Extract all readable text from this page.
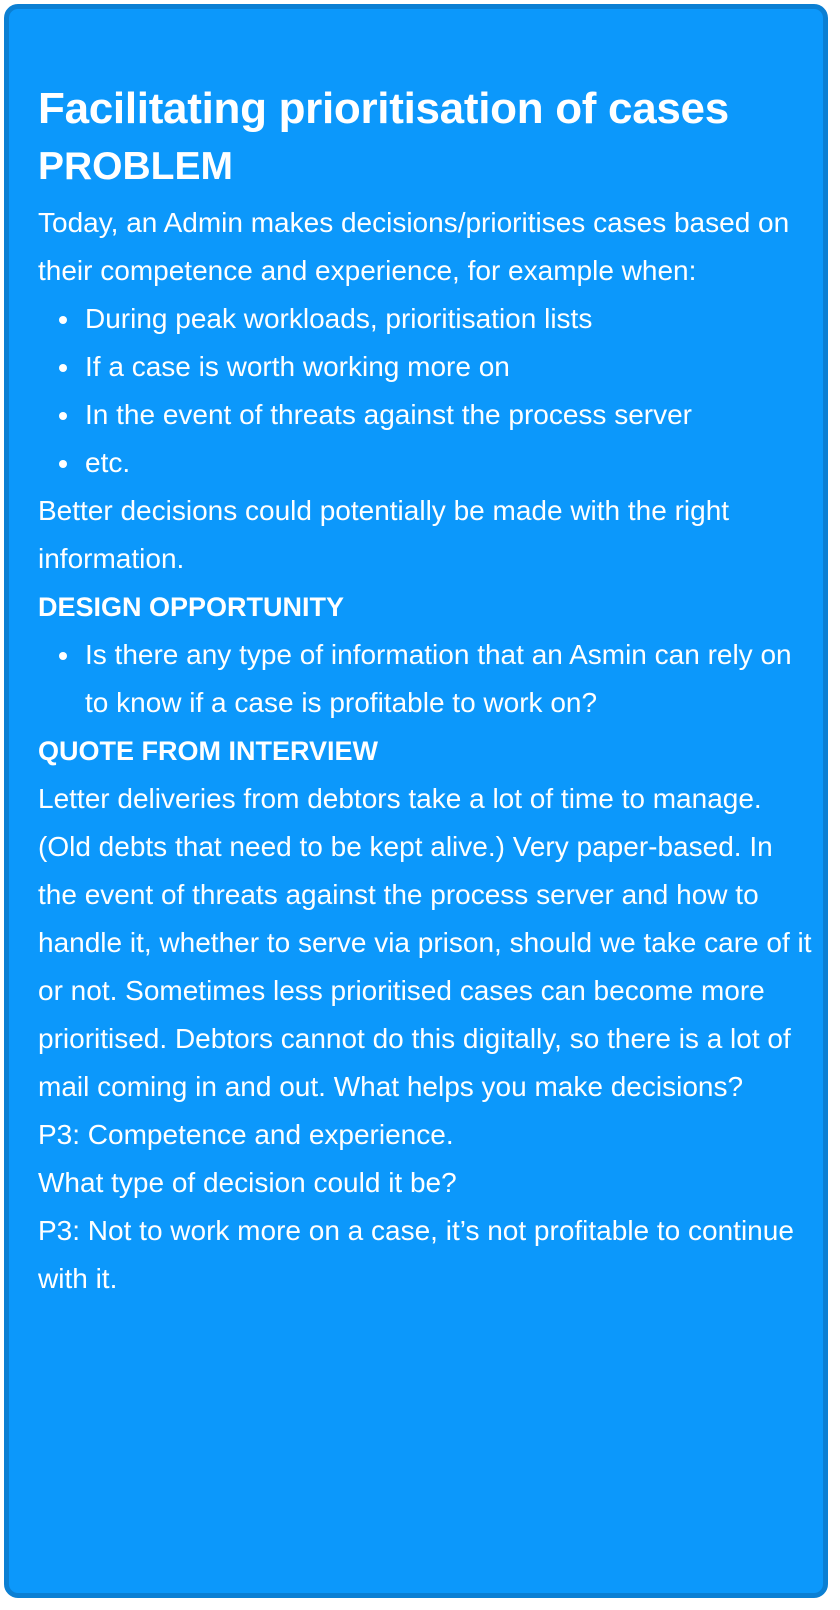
Facilitating prioritisation of cases
PROBLEM

Today, an Admin makes decisions/prioritises cases based on their competence and experience, for example when:

During peak workloads, prioritisation lists
If a case is worth working more on
In the event of threats against the process server
etc.

Better decisions could potentially be made with the right information.

DESIGN OPPORTUNITY
Is there any type of information that an Asmin can rely on to know if a case is profitable to work on?
QUOTE FROM INTERVIEW

Letter deliveries from debtors take a lot of time to manage. (Old debts that need to be kept alive.) Very paper-based. In the event of threats against the process server and how to handle it, whether to serve via prison, should we take care of it or not. Sometimes less prioritised cases can become more prioritised. Debtors cannot do this digitally, so there is a lot of mail coming in and out. What helps you make decisions?

P3: Competence and experience.

What type of decision could it be?

P3: Not to work more on a case, it’s not profitable to continue with it.
